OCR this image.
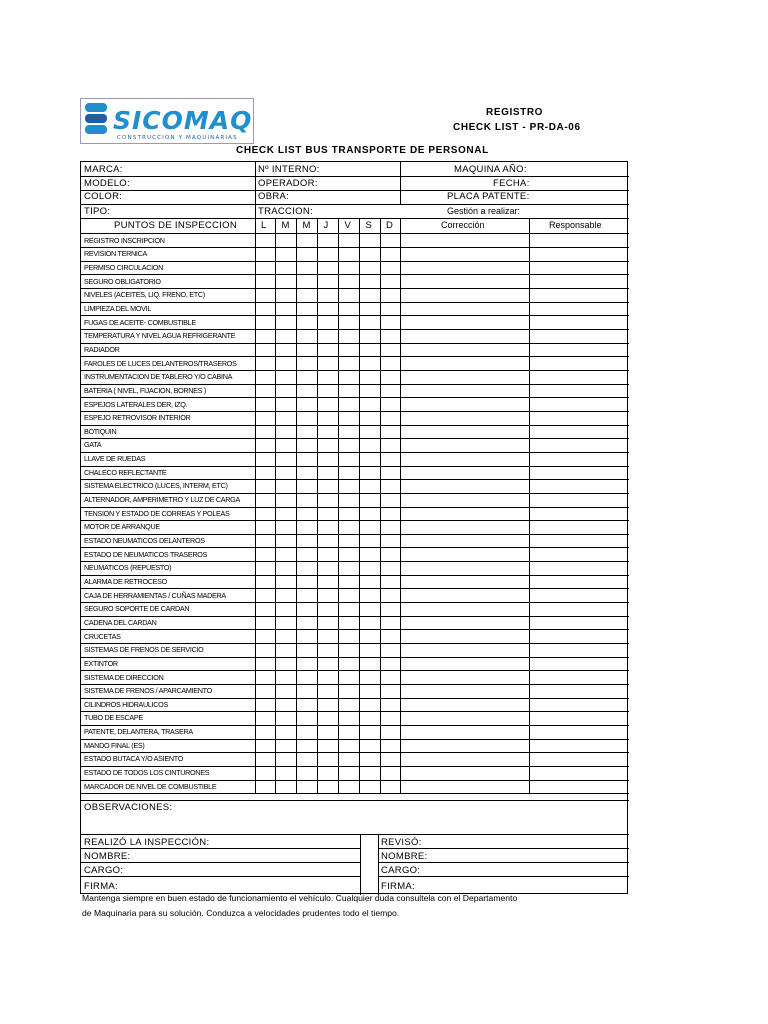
SICOMAQ
CONSTRUCCION Y MAQUINARIAS
REGISTRO
CHECK LIST - PR-DA-06
CHECK LIST BUS TRANSPORTE DE PERSONAL
MARCA:	Nº INTERNO:	MAQUINA AÑO:
MODELO:	OPERADOR:	FECHA:
COLOR:	OBRA:	PLACA PATENTE:
TIPO:	TRACCION:	Gestión a realizar:
PUNTOS DE INSPECCION	L M M J V S D	Corrección	Responsable
REGISTRO INSCRIPCION
REVISION TERNICA
PERMISO CIRCULACION
SEGURO OBLIGATORIO
NIVELES (ACEITES, LIQ. FRENO, ETC)
LIMPIEZA DEL MOVIL
FUGAS DE ACEITE- COMBUSTIBLE
TEMPERATURA Y NIVEL AGUA REFRIGERANTE
RADIADOR
FAROLES DE LUCES DELANTEROS/TRASEROS
INSTRUMENTACION DE TABLERO Y/O CABINA
BATERIA ( NIVEL, FIJACION, BORNES )
ESPEJOS LATERALES DER, IZQ.
ESPEJO RETROVISOR INTERIOR
BOTIQUIN
GATA
LLAVE DE RUEDAS
CHALECO REFLECTANTE
SISTEMA ELECTRICO (LUCES, INTERM, ETC)
ALTERNADOR, AMPERIMETRO Y LUZ DE CARGA
TENSION Y ESTADO DE CORREAS Y POLEAS
MOTOR DE ARRANQUE
ESTADO NEUMATICOS DELANTEROS
ESTADO DE NEUMATICOS TRASEROS
NEUMATICOS (REPUESTO)
ALARMA DE RETROCESO
CAJA DE HERRAMIENTAS / CUÑAS MADERA
SEGURO SOPORTE DE CARDAN
CADENA DEL CARDAN
CRUCETAS
SISTEMAS DE FRENOS DE SERVICIO
EXTINTOR
SISTEMA DE DIRECCION
SISTEMA DE FRENOS / APARCAMIENTO
CILINDROS HIDRAULICOS
TUBO DE ESCAPE
PATENTE, DELANTERA, TRASERA
MANDO FINAL (ES)
ESTADO BUTACA Y/O ASIENTO
ESTADO DE TODOS LOS CINTURONES
MARCADOR DE NIVEL DE COMBUSTIBLE
OBSERVACIONES:
REALIZÓ LA INSPECCIÓN:
NOMBRE:
CARGO:
FIRMA:
REVISÓ:
NOMBRE:
CARGO:
FIRMA:
Mantenga siempre en buen estado de funcionamiento el vehículo. Cualquier duda consultela con el Departamento
de Maquinaria para su solución. Conduzca a velocidades prudentes todo el tiempo.
